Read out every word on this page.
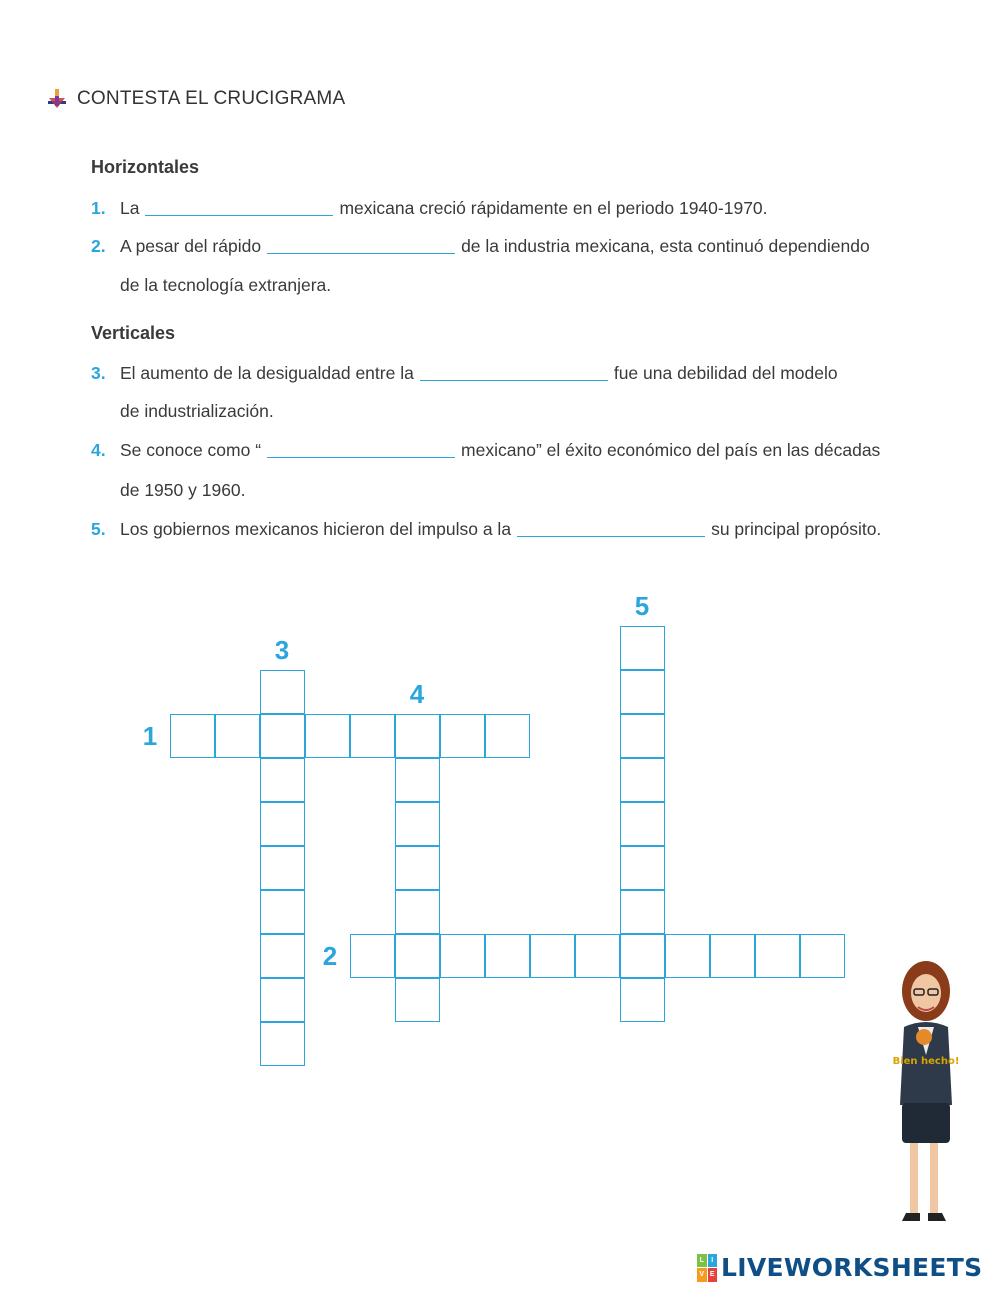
CONTESTA EL CRUCIGRAMA
Horizontales
1. La	mexicana creció rápidamente en el periodo 1940-1970.
2. A pesar del rápido	de la industria mexicana, esta continuó dependiendo
de la tecnología extranjera.
Verticales
3. El aumento de la desigualdad entre la	fue una debilidad del modelo
de industrialización.
4. Se conoce como “	mexicano” el éxito económico del país en las décadas
de 1950 y 1960.
5. Los gobiernos mexicanos hicieron del impulso a la	su principal propósito.
1
2
3
4
5
Bien hecho!
L	I
V E LIVEWORKSHEETS
